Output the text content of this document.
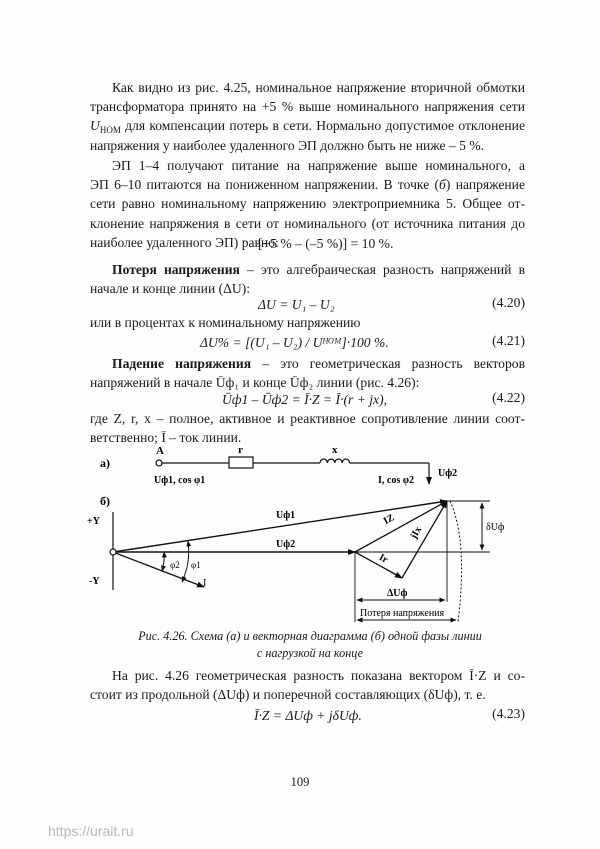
Как видно из рис. 4.25, номинальное напряжение вторичной обмотки
трансформатора принято на +5 % выше номинального напряжения сети
$U_{НОМ}$ для компенсации потерь в сети. Нормально допустимое отклонение
напряжения у наиболее удаленного ЭП должно быть не ниже – 5 %.
ЭП 1–4 получают питание на напряжение выше номинального, а
ЭП 6–10 питаются на пониженном напряжении. В точке (б) напряжение
сети равно номинальному напряжению электроприемника 5. Общее от-
клонение напряжения в сети от номинального (от источника питания до
наиболее удаленного ЭП) равно:
[+5 % – (–5 %)] = 10 %.
Потеря напряжения – это алгебраическая разность напряжений в
начале и конце линии (ΔU):
ΔU = U₁ – U₂	(4.20)
или в процентах к номинальному напряжению
ΔU% = [(U₁ – U₂) / Uᴴᴼᴹ]·100 %.	(4.21)
Падение напряжения – это геометрическая разность векторов
напряжений в начале Ūф₁ и конце Ūф₂ линии (рис. 4.26):
Ūф1 – Ūф2 = Ī·Z = Ī·(r + jx),	(4.22)
где Z, r, x – полное, активное и реактивное сопротивление линии соот-
ветственно; Ī – ток линии.
а)
A	r	x
Uф1, cos φ1	I, cos φ2
Uф2
б)
+Y
-Y
Uф1
Uф2
I
φ2 φ1
IZ
Ir
jIx	δUф
ΔUф
Потеря напряжения
Рис. 4.26. Схема (а) и векторная диаграмма (б) одной фазы линии
с нагрузкой на конце
На рис. 4.26 геометрическая разность показана вектором Ī·Z и со-
стоит из продольной (ΔUф) и поперечной составляющих (δUф), т. е.
Ī·Z = ΔUф + jδUф.	(4.23)
109
https://urait.ru
